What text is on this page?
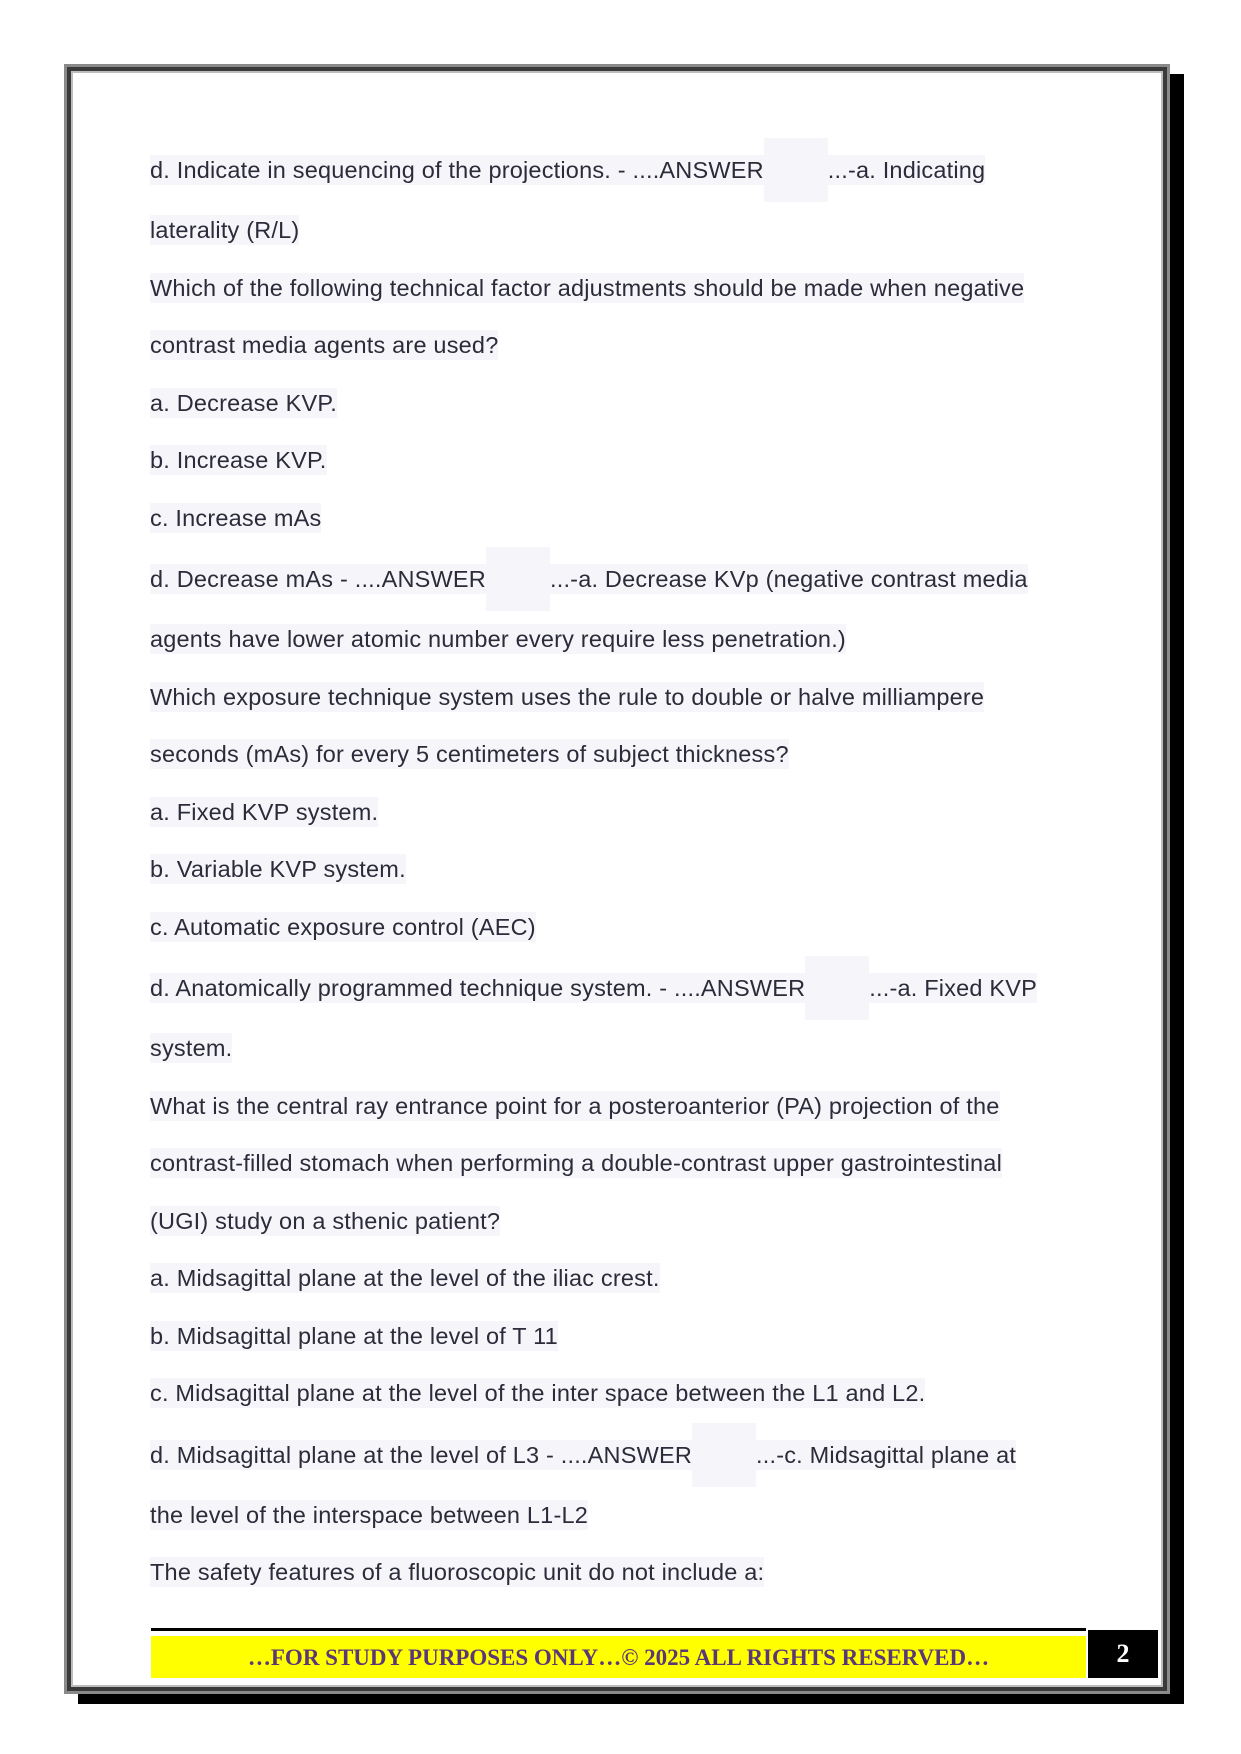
d. Indicate in sequencing of the projections. - ....ANSWER	...-a. Indicating
laterality (R/L)
Which of the following technical factor adjustments should be made when negative
contrast media agents are used?
a. Decrease KVP.
b. Increase KVP.
c. Increase mAs
d. Decrease mAs - ....ANSWER	...-a. Decrease KVp (negative contrast media
agents have lower atomic number every require less penetration.)
Which exposure technique system uses the rule to double or halve milliampere
seconds (mAs) for every 5 centimeters of subject thickness?
a. Fixed KVP system.
b. Variable KVP system.
c. Automatic exposure control (AEC)
d. Anatomically programmed technique system. - ....ANSWER	...-a. Fixed KVP
system.
What is the central ray entrance point for a posteroanterior (PA) projection of the
contrast-filled stomach when performing a double-contrast upper gastrointestinal
(UGI) study on a sthenic patient?
a. Midsagittal plane at the level of the iliac crest.
b. Midsagittal plane at the level of T 11
c. Midsagittal plane at the level of the inter space between the L1 and L2.
d. Midsagittal plane at the level of L3 - ....ANSWER	...-c. Midsagittal plane at
the level of the interspace between L1-L2
The safety features of a fluoroscopic unit do not include a:
…FOR STUDY PURPOSES ONLY…© 2025 ALL RIGHTS RESERVED…	2
